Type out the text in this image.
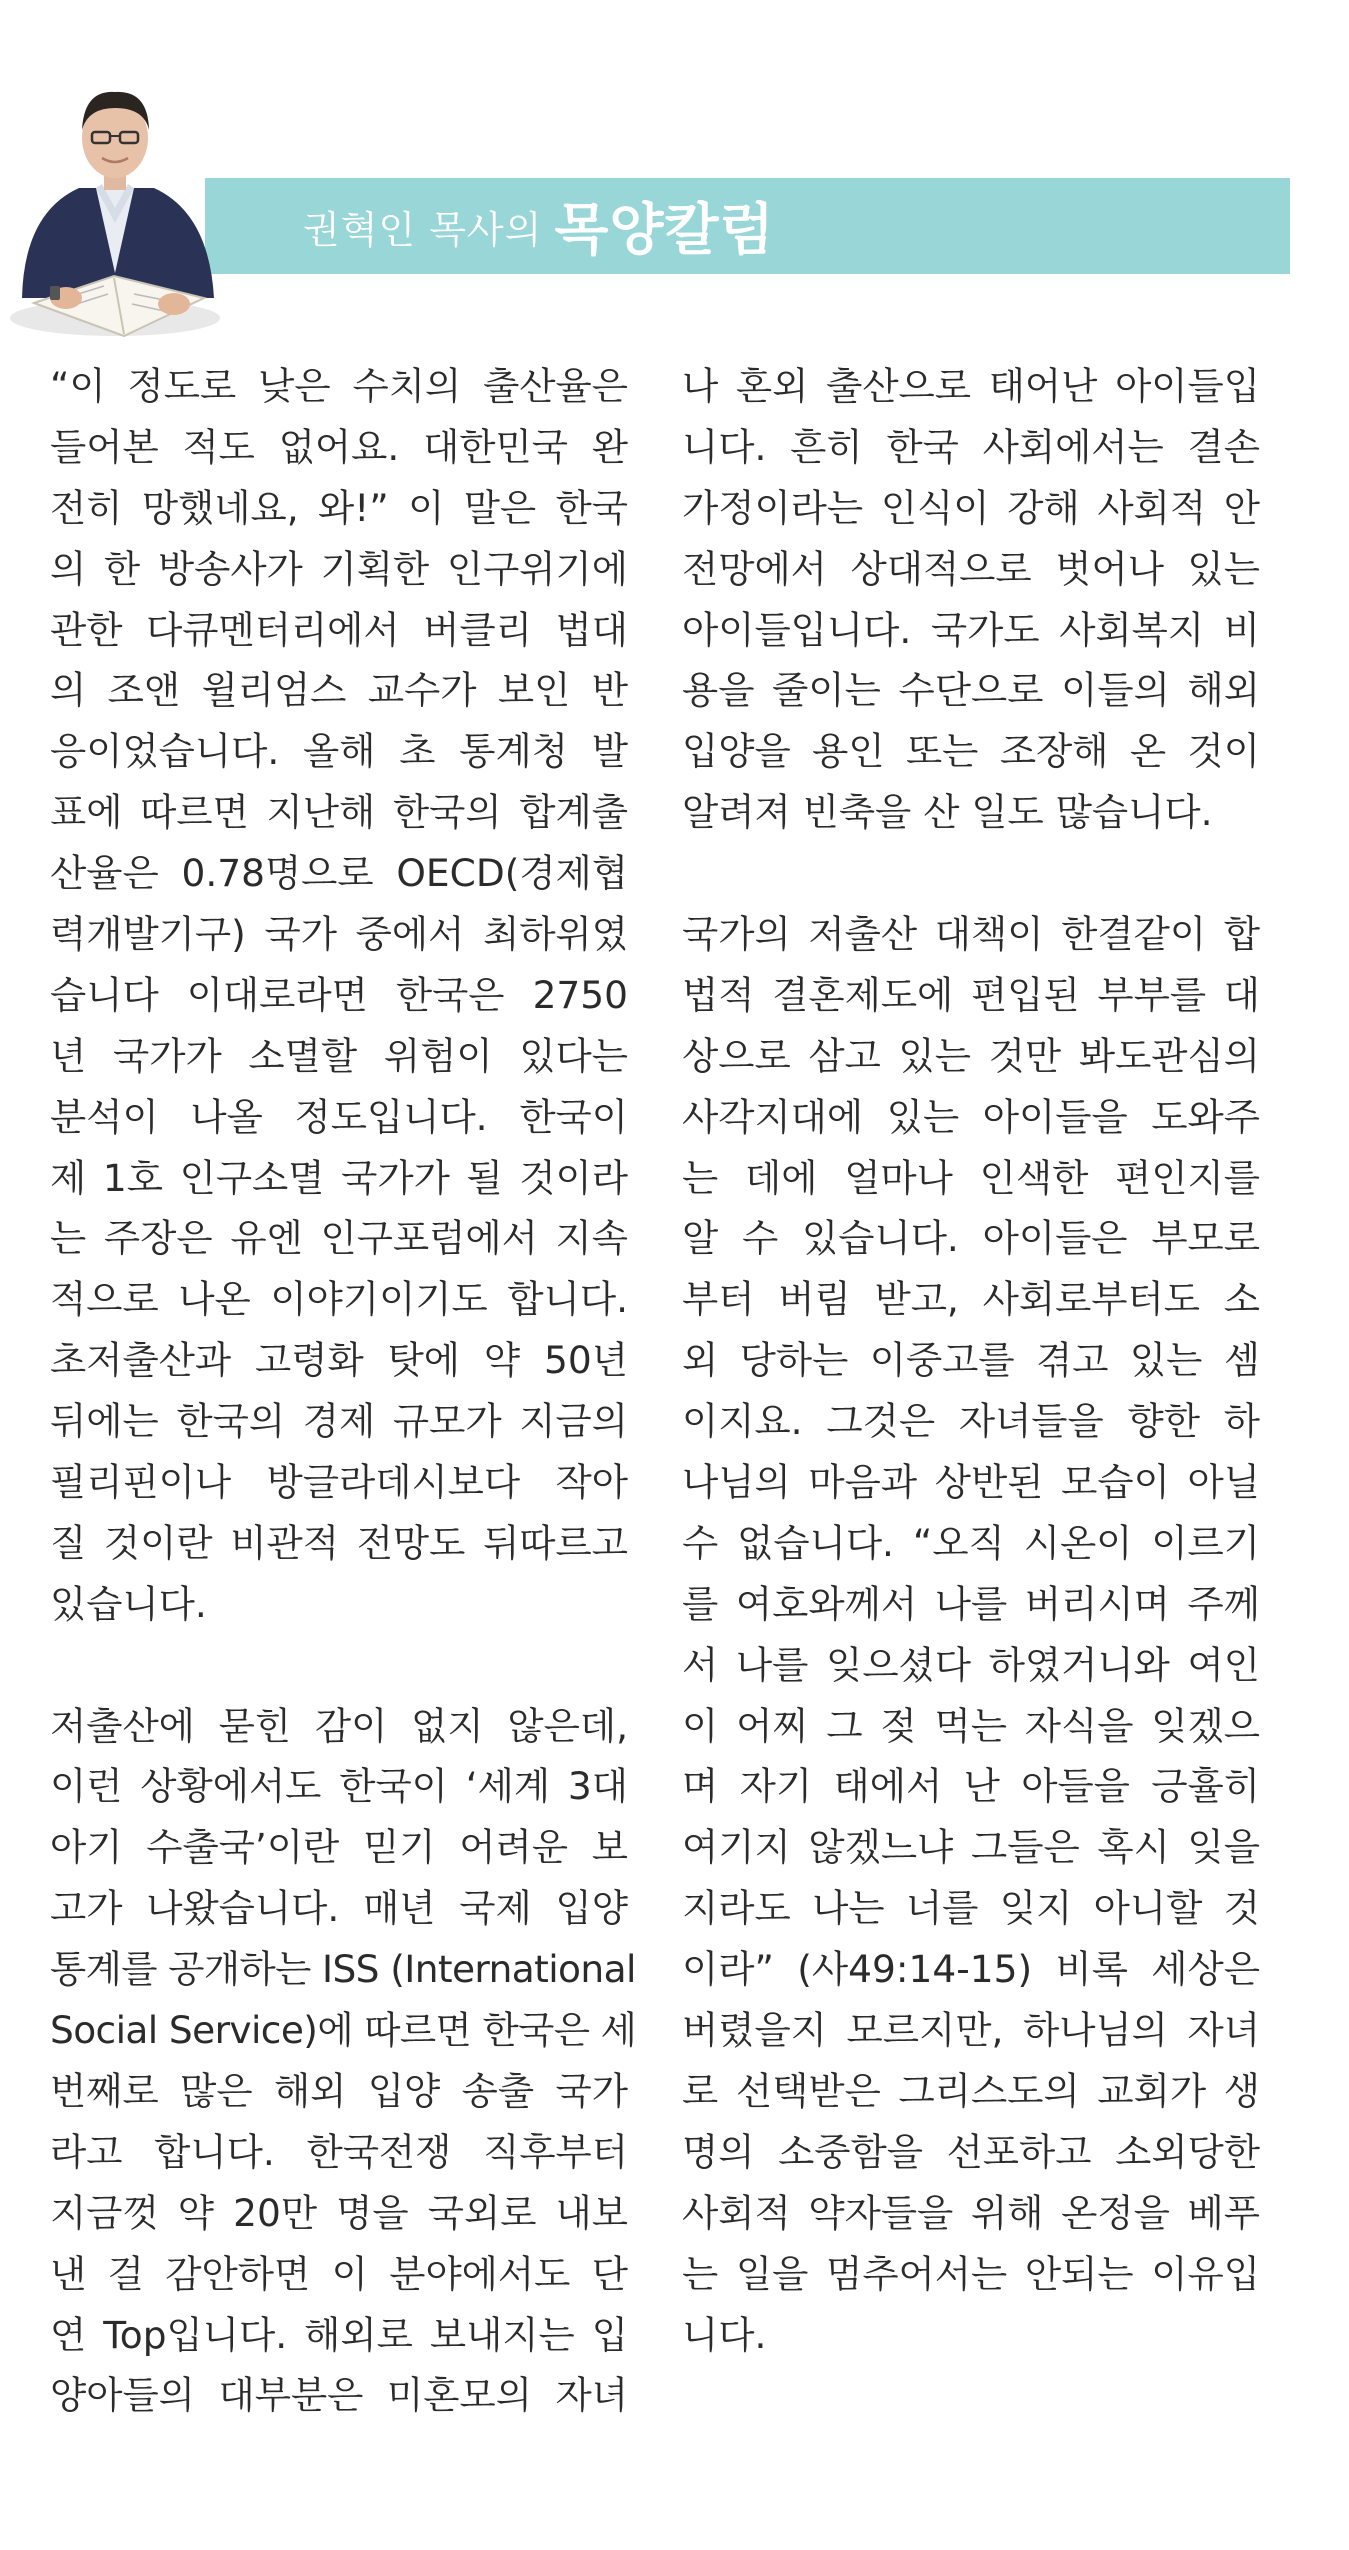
권혁인 목사의 목양칼럼
“이 정도로 낮은 수치의 출산율은
들어본 적도 없어요. 대한민국 완
전히 망했네요, 와!” 이 말은 한국
의 한 방송사가 기획한 인구위기에
관한 다큐멘터리에서 버클리 법대
의 조앤 윌리엄스 교수가 보인 반
응이었습니다. 올해 초 통계청 발
표에 따르면 지난해 한국의 합계출
산율은 0.78명으로 OECD(경제협
력개발기구) 국가 중에서 최하위였
습니다 이대로라면 한국은 2750
년 국가가 소멸할 위험이 있다는
분석이 나올 정도입니다. 한국이
제 1호 인구소멸 국가가 될 것이라
는 주장은 유엔 인구포럼에서 지속
적으로 나온 이야기이기도 합니다.
초저출산과 고령화 탓에 약 50년
뒤에는 한국의 경제 규모가 지금의
필리핀이나 방글라데시보다 작아
질 것이란 비관적 전망도 뒤따르고
있습니다.
저출산에 묻힌 감이 없지 않은데,
이런 상황에서도 한국이 ‘세계 3대
아기 수출국’이란 믿기 어려운 보
고가 나왔습니다. 매년 국제 입양
통계를 공개하는 ISS (International
Social Service)에 따르면 한국은 세
번째로 많은 해외 입양 송출 국가
라고 합니다. 한국전쟁 직후부터
지금껏 약 20만 명을 국외로 내보
낸 걸 감안하면 이 분야에서도 단
연 Top입니다. 해외로 보내지는 입
양아들의 대부분은 미혼모의 자녀
나 혼외 출산으로 태어난 아이들입
니다. 흔히 한국 사회에서는 결손
가정이라는 인식이 강해 사회적 안
전망에서 상대적으로 벗어나 있는
아이들입니다. 국가도 사회복지 비
용을 줄이는 수단으로 이들의 해외
입양을 용인 또는 조장해 온 것이
알려져 빈축을 산 일도 많습니다.
국가의 저출산 대책이 한결같이 합
법적 결혼제도에 편입된 부부를 대
상으로 삼고 있는 것만 봐도관심의
사각지대에 있는 아이들을 도와주
는 데에 얼마나 인색한 편인지를
알 수 있습니다. 아이들은 부모로
부터 버림 받고, 사회로부터도 소
외 당하는 이중고를 겪고 있는 셈
이지요. 그것은 자녀들을 향한 하
나님의 마음과 상반된 모습이 아닐
수 없습니다. “오직 시온이 이르기
를 여호와께서 나를 버리시며 주께
서 나를 잊으셨다 하였거니와 여인
이 어찌 그 젖 먹는 자식을 잊겠으
며 자기 태에서 난 아들을 긍휼히
여기지 않겠느냐 그들은 혹시 잊을
지라도 나는 너를 잊지 아니할 것
이라” (사49:14-15) 비록 세상은
버렸을지 모르지만, 하나님의 자녀
로 선택받은 그리스도의 교회가 생
명의 소중함을 선포하고 소외당한
사회적 약자들을 위해 온정을 베푸
는 일을 멈추어서는 안되는 이유입
니다.
